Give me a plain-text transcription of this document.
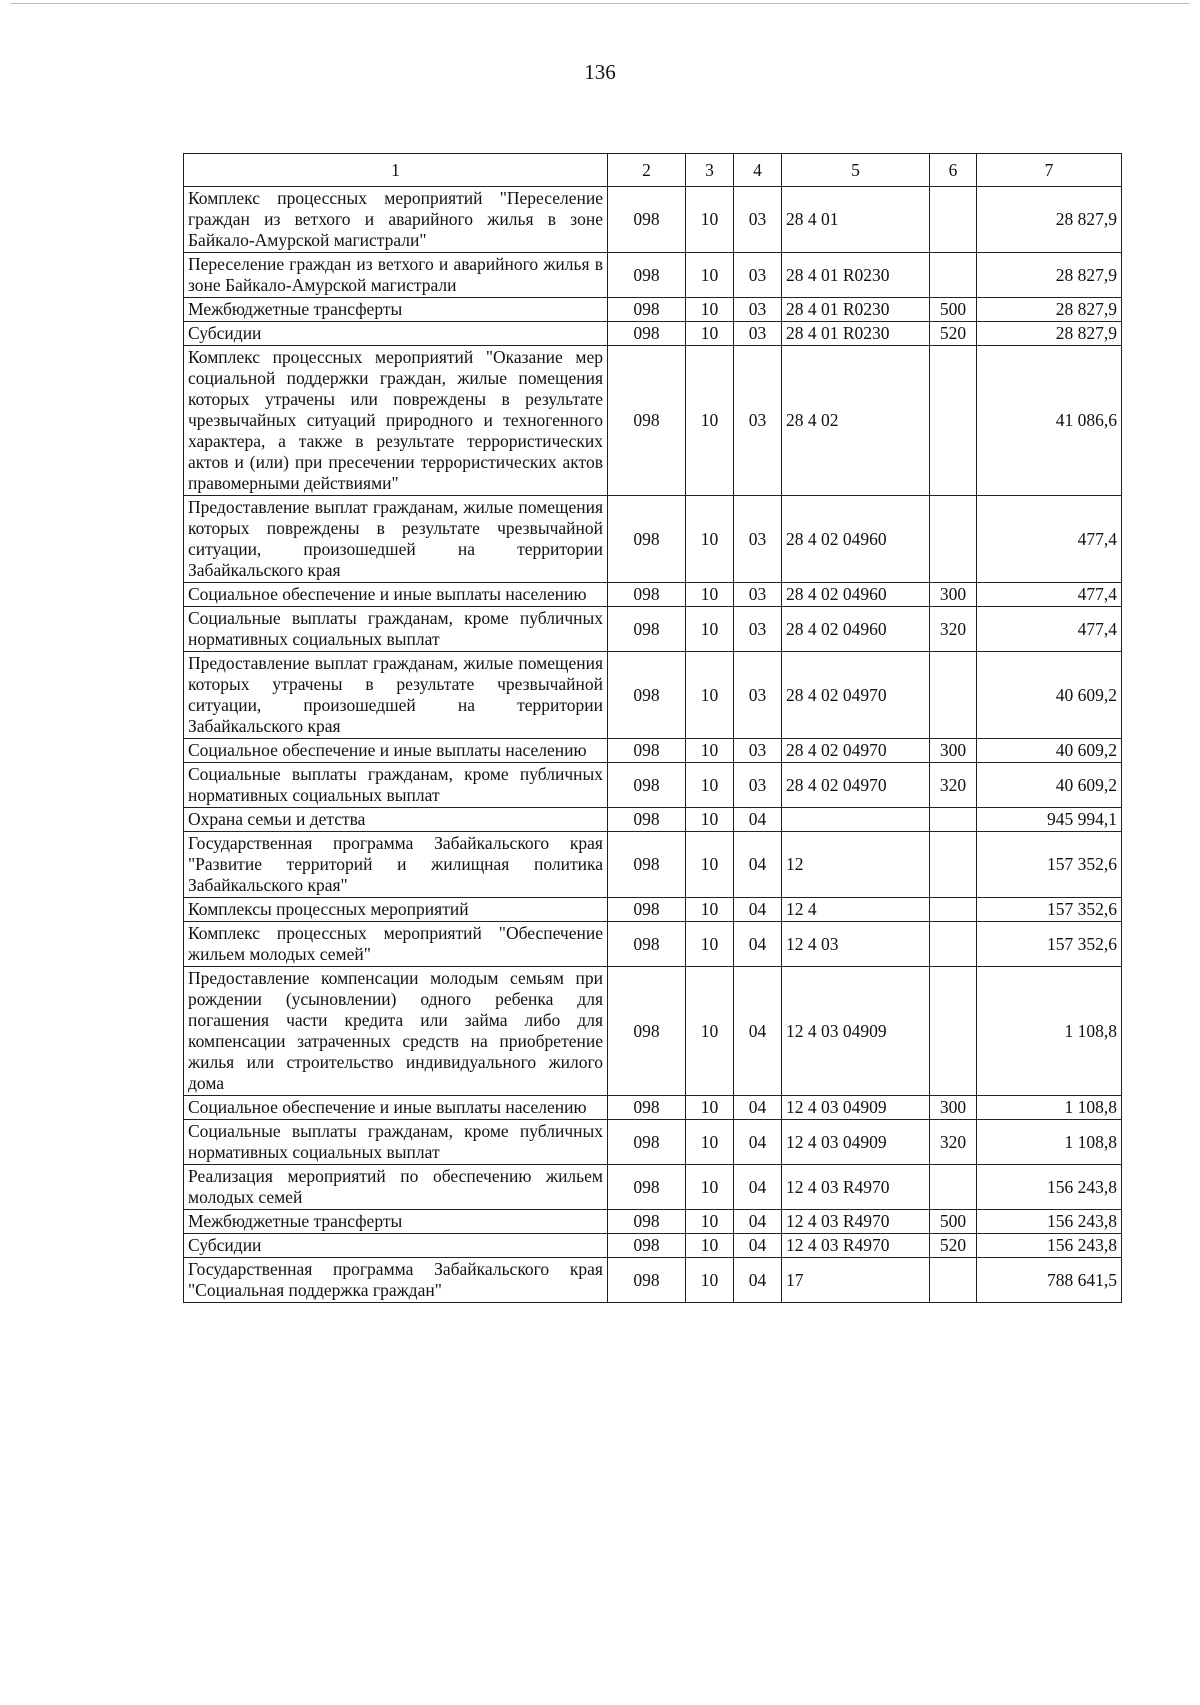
136
1	2	3	4	5	6	7
Комплекс процессных мероприятий "Переселение граждан из ветхого и аварийного жилья в зоне Байкало-Амурской магистрали"	098	10	03	28 4 01		28 827,9
Переселение граждан из ветхого и аварийного жилья в зоне Байкало-Амурской магистрали	098	10	03	28 4 01 R0230		28 827,9
Межбюджетные трансферты	098	10	03	28 4 01 R0230	500	28 827,9
Субсидии	098	10	03	28 4 01 R0230	520	28 827,9
Комплекс процессных мероприятий "Оказание мер социальной поддержки граждан, жилые помещения которых утрачены или повреждены в результате чрезвычайных ситуаций природного и техногенного характера, а также в результате террористических актов и (или) при пресечении террористических актов правомерными действиями"	098	10	03	28 4 02		41 086,6
Предоставление выплат гражданам, жилые помещения которых повреждены в результате чрезвычайной ситуации, произошедшей на территории Забайкальского края	098	10	03	28 4 02 04960		477,4
Социальное обеспечение и иные выплаты населению	098	10	03	28 4 02 04960	300	477,4
Социальные выплаты гражданам, кроме публичных нормативных социальных выплат	098	10	03	28 4 02 04960	320	477,4
Предоставление выплат гражданам, жилые помещения которых утрачены в результате чрезвычайной ситуации, произошедшей на территории Забайкальского края	098	10	03	28 4 02 04970		40 609,2
Социальное обеспечение и иные выплаты населению	098	10	03	28 4 02 04970	300	40 609,2
Социальные выплаты гражданам, кроме публичных нормативных социальных выплат	098	10	03	28 4 02 04970	320	40 609,2
Охрана семьи и детства	098	10	04			945 994,1
Государственная программа Забайкальского края "Развитие территорий и жилищная политика Забайкальского края"	098	10	04	12		157 352,6
Комплексы процессных мероприятий	098	10	04	12 4		157 352,6
Комплекс процессных мероприятий "Обеспечение жильем молодых семей"	098	10	04	12 4 03		157 352,6
Предоставление компенсации молодым семьям при рождении (усыновлении) одного ребенка для погашения части кредита или займа либо для компенсации затраченных средств на приобретение жилья или строительство индивидуального жилого дома	098	10	04	12 4 03 04909		1 108,8
Социальное обеспечение и иные выплаты населению	098	10	04	12 4 03 04909	300	1 108,8
Социальные выплаты гражданам, кроме публичных нормативных социальных выплат	098	10	04	12 4 03 04909	320	1 108,8
Реализация мероприятий по обеспечению жильем молодых семей	098	10	04	12 4 03 R4970		156 243,8
Межбюджетные трансферты	098	10	04	12 4 03 R4970	500	156 243,8
Субсидии	098	10	04	12 4 03 R4970	520	156 243,8
Государственная программа Забайкальского края "Социальная поддержка граждан"	098	10	04	17		788 641,5
